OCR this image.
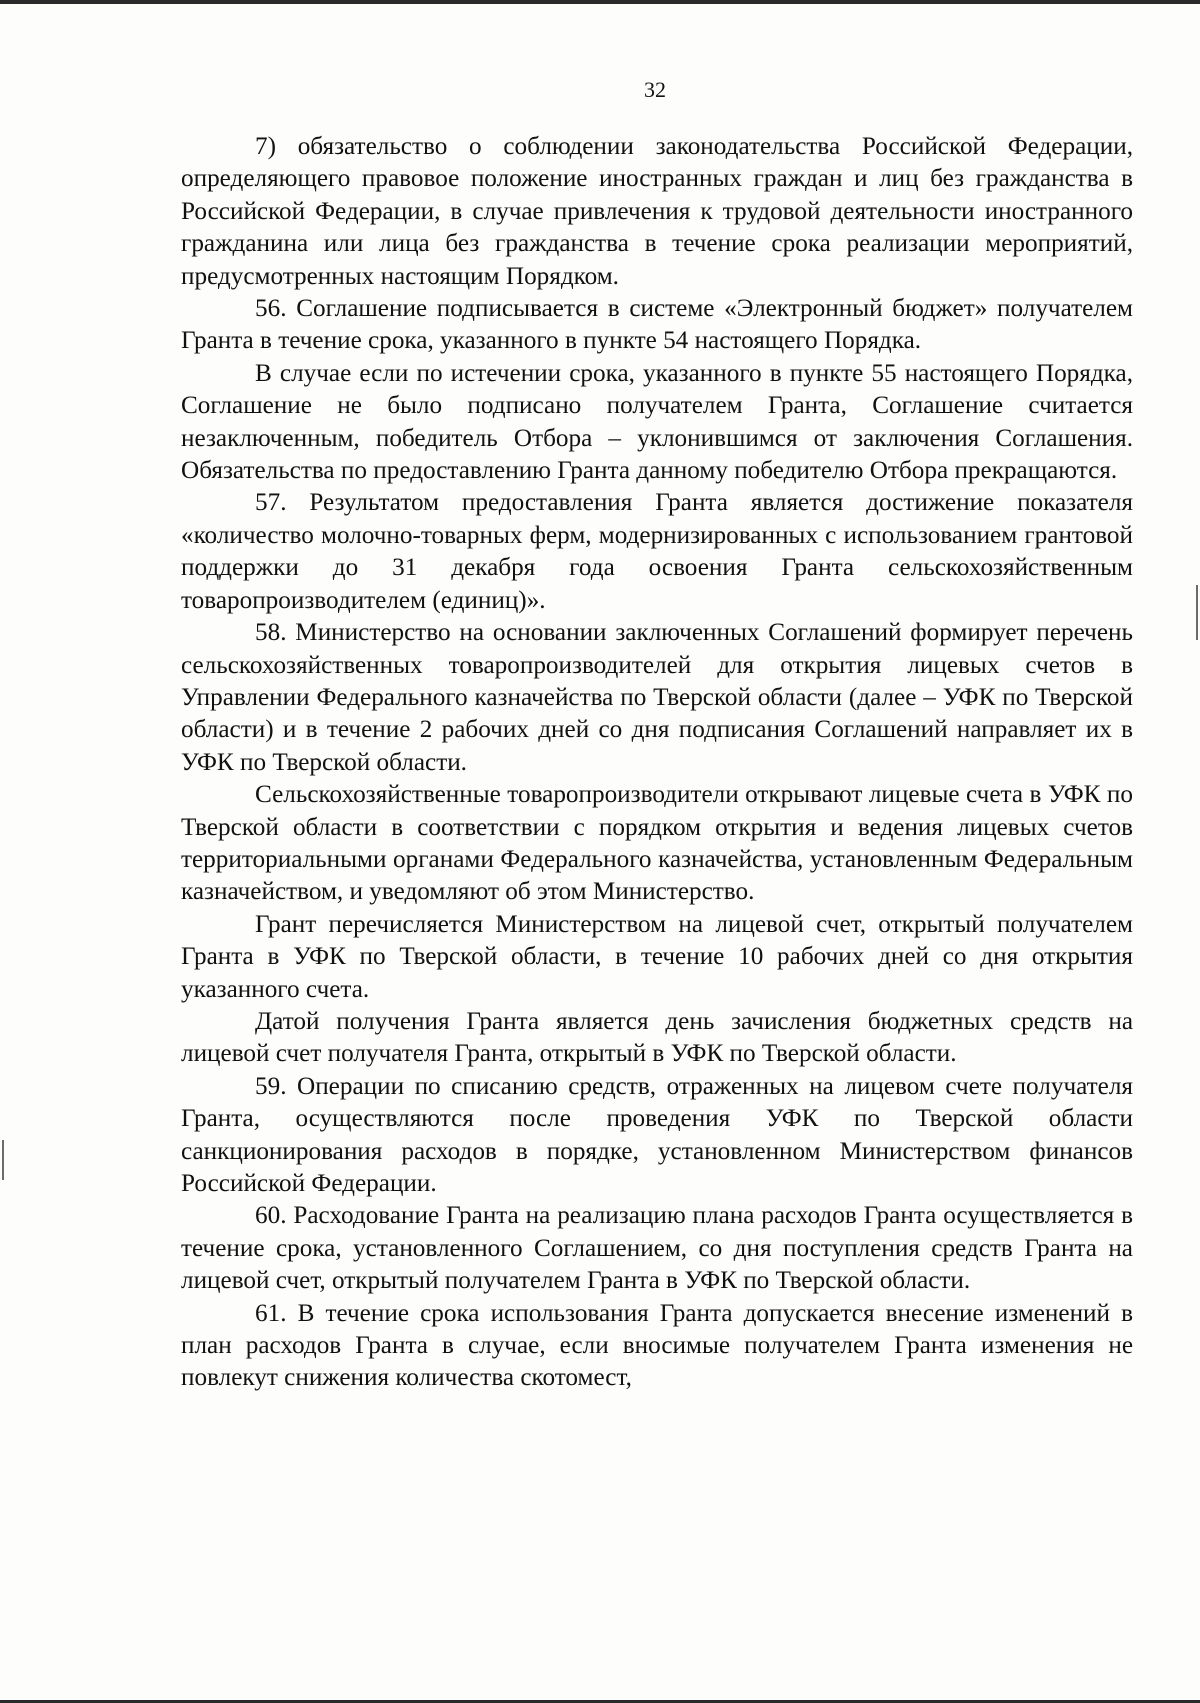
32

7) обязательство о соблюдении законодательства Российской Федерации, определяющего правовое положение иностранных граждан и лиц без гражданства в Российской Федерации, в случае привлечения к трудовой деятельности иностранного гражданина или лица без гражданства в течение срока реализации мероприятий, предусмотренных настоящим Порядком.

56. Соглашение подписывается в системе «Электронный бюджет» получателем Гранта в течение срока, указанного в пункте 54 настоящего Порядка.

В случае если по истечении срока, указанного в пункте 55 настоящего Порядка, Соглашение не было подписано получателем Гранта, Соглашение считается незаключенным, победитель Отбора – уклонившимся от заключения Соглашения. Обязательства по предоставлению Гранта данному победителю Отбора прекращаются.

57. Результатом предоставления Гранта является достижение показателя «количество молочно-товарных ферм, модернизированных с использованием грантовой поддержки до 31 декабря года освоения Гранта сельскохозяйственным товаропроизводителем (единиц)».

58. Министерство на основании заключенных Соглашений формирует перечень сельскохозяйственных товаропроизводителей для открытия лицевых счетов в Управлении Федерального казначейства по Тверской области (далее – УФК по Тверской области) и в течение 2 рабочих дней со дня подписания Соглашений направляет их в УФК по Тверской области.

Сельскохозяйственные товаропроизводители открывают лицевые счета в УФК по Тверской области в соответствии с порядком открытия и ведения лицевых счетов территориальными органами Федерального казначейства, установленным Федеральным казначейством, и уведомляют об этом Министерство.

Грант перечисляется Министерством на лицевой счет, открытый получателем Гранта в УФК по Тверской области, в течение 10 рабочих дней со дня открытия указанного счета.

Датой получения Гранта является день зачисления бюджетных средств на лицевой счет получателя Гранта, открытый в УФК по Тверской области.

59. Операции по списанию средств, отраженных на лицевом счете получателя Гранта, осуществляются после проведения УФК по Тверской области санкционирования расходов в порядке, установленном Министерством финансов Российской Федерации.

60. Расходование Гранта на реализацию плана расходов Гранта осуществляется в течение срока, установленного Соглашением, со дня поступления средств Гранта на лицевой счет, открытый получателем Гранта в УФК по Тверской области.

61. В течение срока использования Гранта допускается внесение изменений в план расходов Гранта в случае, если вносимые получателем Гранта изменения не повлекут снижения количества скотомест,
